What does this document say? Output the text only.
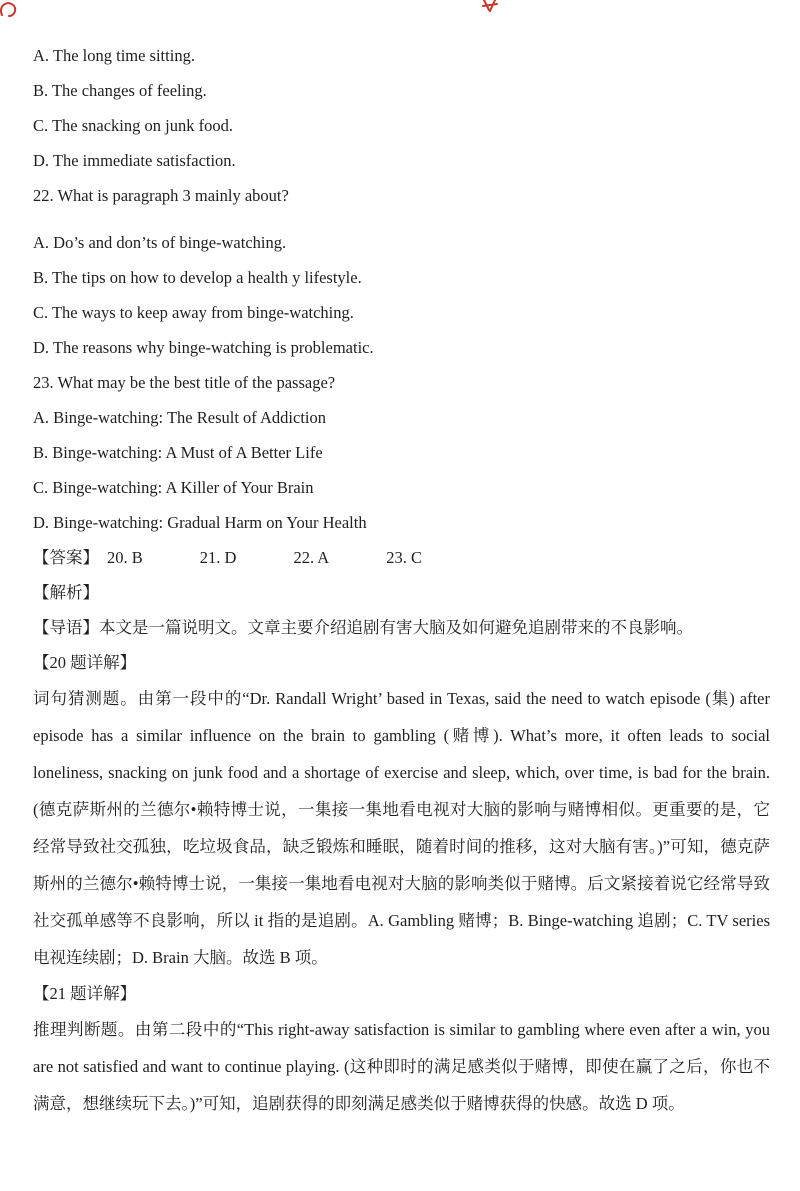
A. The long time sitting.
B. The changes of feeling.
C. The snacking on junk food.
D. The immediate satisfaction.
22. What is paragraph 3 mainly about?
A. Do’s and don’ts of binge-watching.
B. The tips on how to develop a health y lifestyle.
C. The ways to keep away from binge-watching.
D. The reasons why binge-watching is problematic.
23. What may be the best title of the passage?
A. Binge-watching: The Result of Addiction
B. Binge-watching: A Must of A Better Life
C. Binge-watching: A Killer of Your Brain
D. Binge-watching: Gradual Harm on Your Health
【答案】 20. B	21. D	22. A	23. C
【解析】
【导语】本文是一篇说明文。文章主要介绍追剧有害大脑及如何避免追剧带来的不良影响。
【20 题详解】

词句猜测题。由第一段中的“Dr. Randall Wright’ based in Texas, said the need to watch episode (集) after episode has a similar influence on the brain to gambling (赌博). What’s more, it often leads to social loneliness, snacking on junk food and a shortage of exercise and sleep, which, over time, is bad for the brain. (德克萨斯州的兰德尔•赖特博士说，一集接一集地看电视对大脑的影响与赌博相似。更重要的是，它经常导致社交孤独，吃垃圾食品，缺乏锻炼和睡眠，随着时间的推移，这对大脑有害。)”可知，德克萨斯州的兰德尔•赖特博士说，一集接一集地看电视对大脑的影响类似于赌博。后文紧接着说它经常导致社交孤单感等不良影响，所以 it 指的是追剧。A. Gambling 赌博；B. Binge-watching 追剧；C. TV series 电视连续剧；D. Brain 大脑。故选 B 项。

【21 题详解】

推理判断题。由第二段中的“This right-away satisfaction is similar to gambling where even after a win, you are not satisfied and want to continue playing. (这种即时的满足感类似于赌博，即使在赢了之后，你也不满意，想继续玩下去。)”可知，追剧获得的即刻满足感类似于赌博获得的快感。故选 D 项。
